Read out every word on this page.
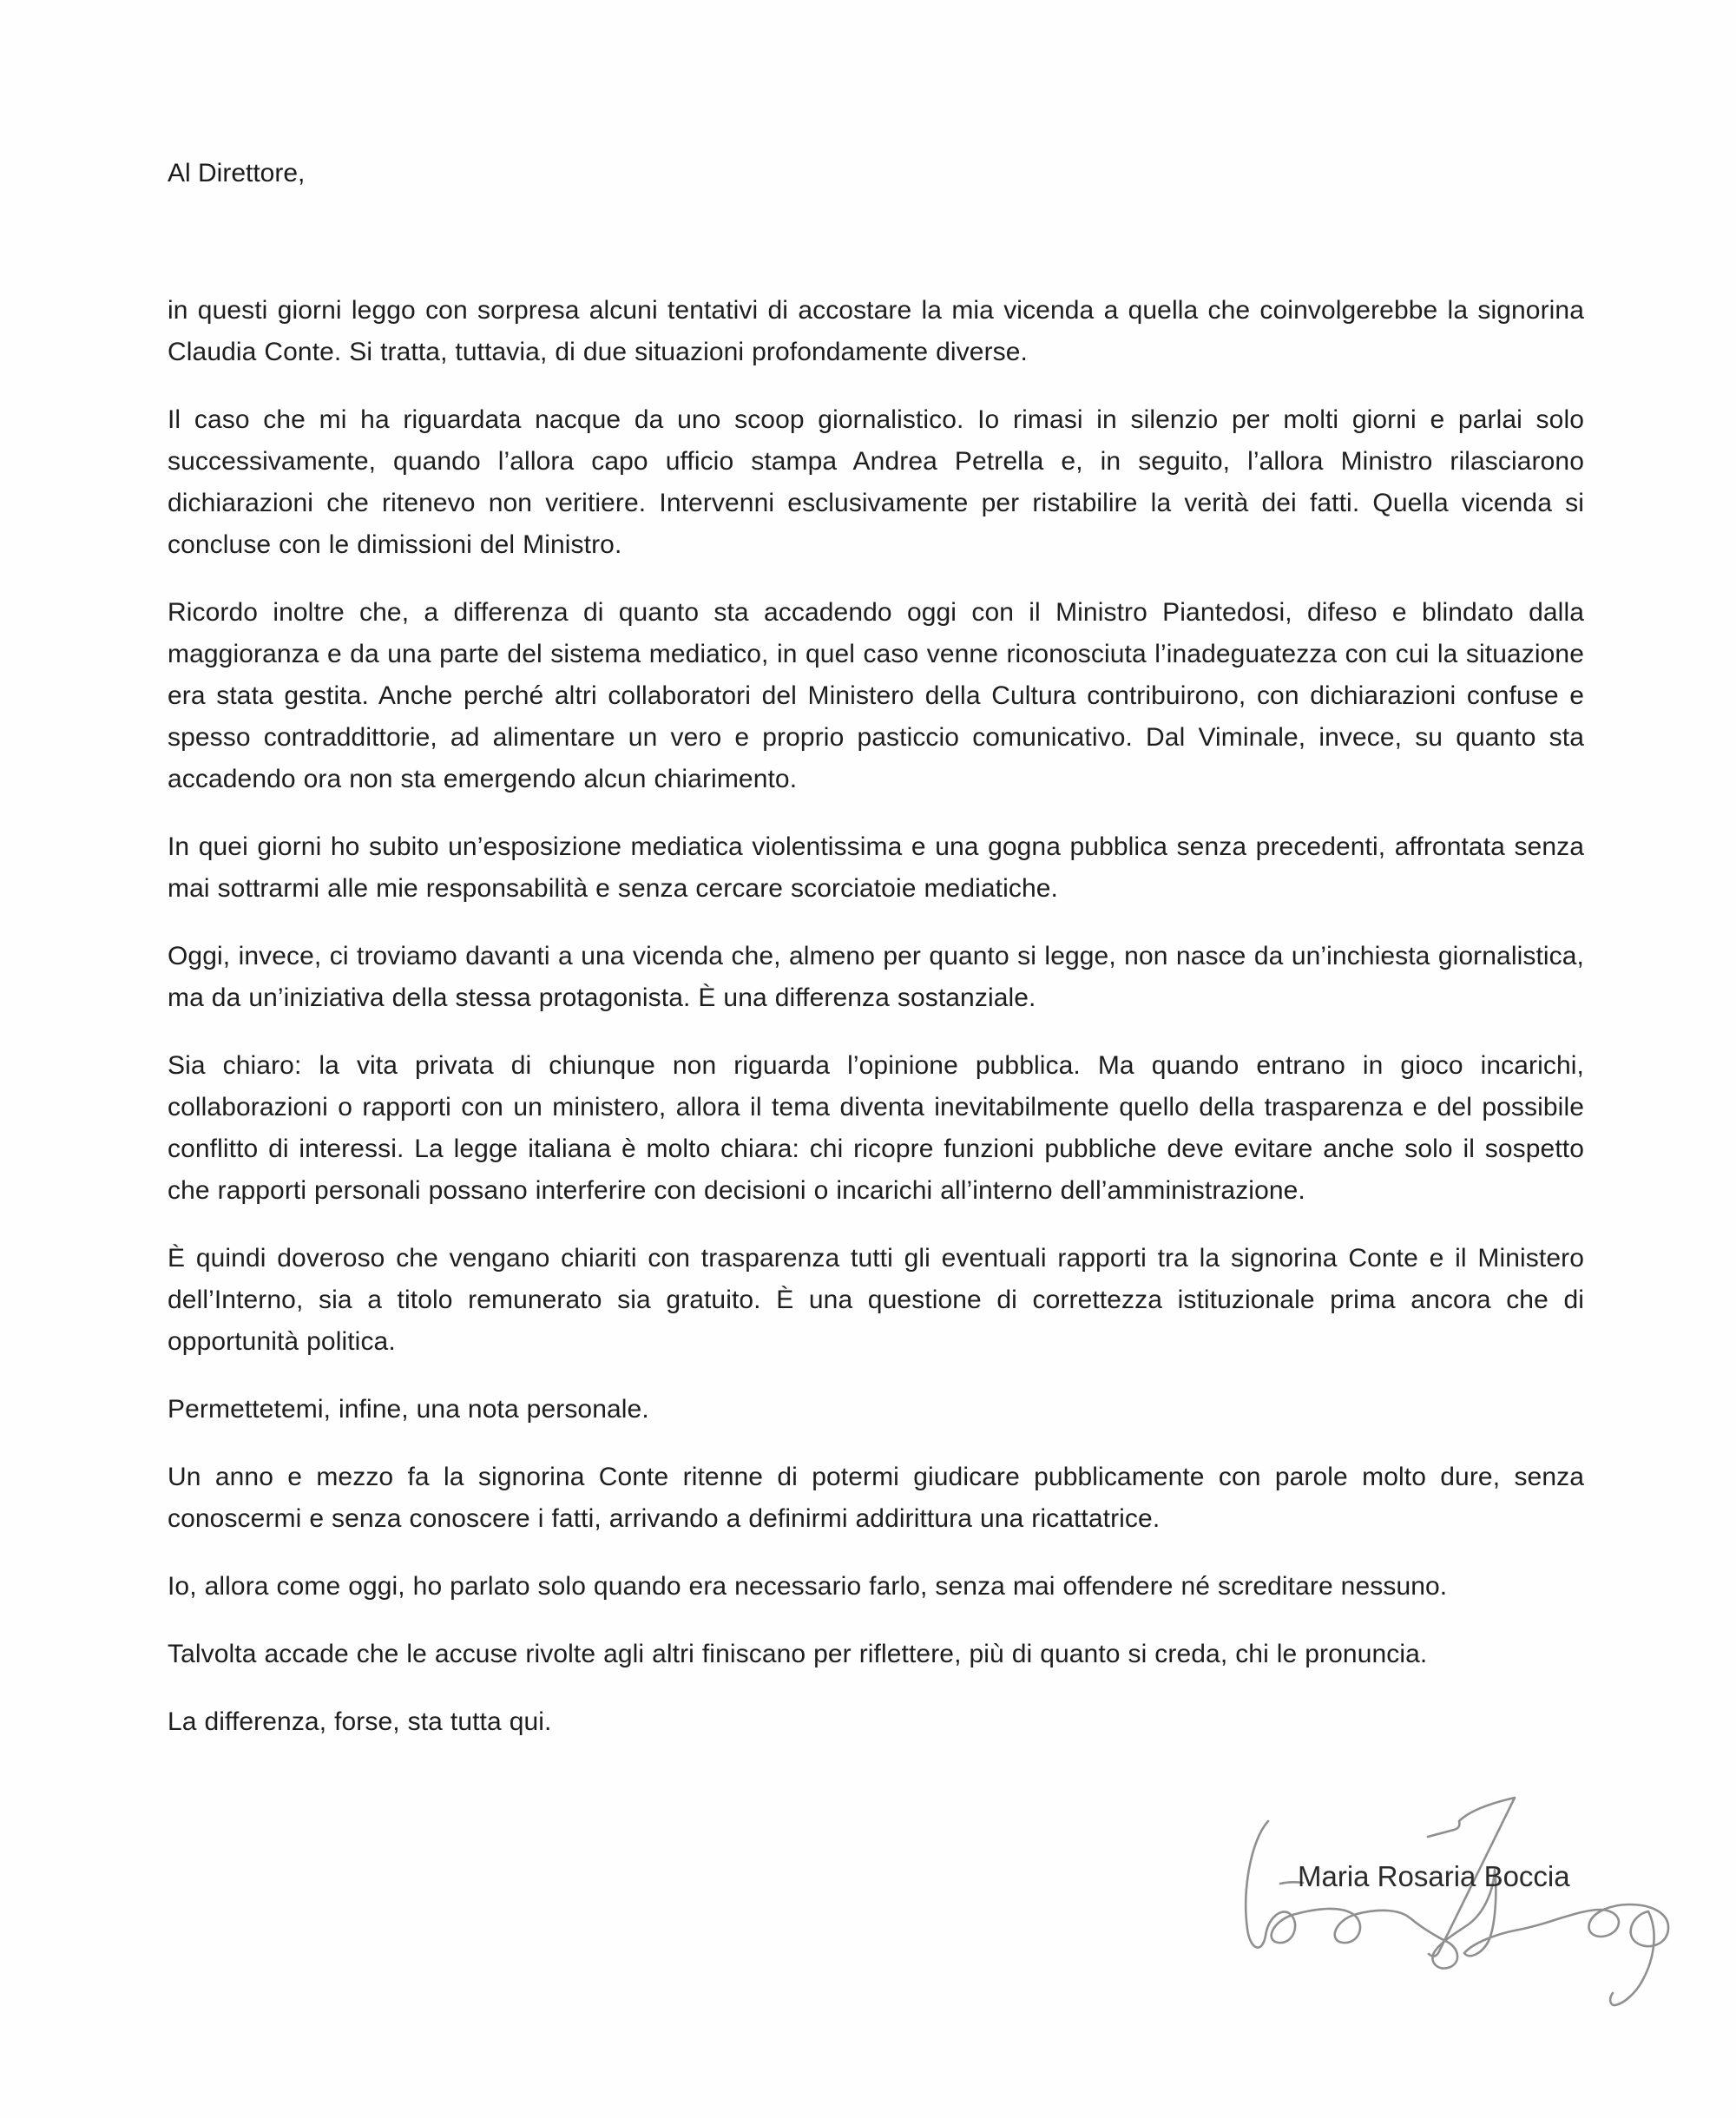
Al Direttore,

in questi giorni leggo con sorpresa alcuni tentativi di accostare la mia vicenda a quella che coinvolgerebbe la signorina Claudia Conte. Si tratta, tuttavia, di due situazioni profondamente diverse.

Il caso che mi ha riguardata nacque da uno scoop giornalistico. Io rimasi in silenzio per molti giorni e parlai solo successivamente, quando l’allora capo ufficio stampa Andrea Petrella e, in seguito, l’allora Ministro rilasciarono dichiarazioni che ritenevo non veritiere. Intervenni esclusivamente per ristabilire la verità dei fatti. Quella vicenda si concluse con le dimissioni del Ministro.

Ricordo inoltre che, a differenza di quanto sta accadendo oggi con il Ministro Piantedosi, difeso e blindato dalla maggioranza e da una parte del sistema mediatico, in quel caso venne riconosciuta l’inadeguatezza con cui la situazione era stata gestita. Anche perché altri collaboratori del Ministero della Cultura contribuirono, con dichiarazioni confuse e spesso contraddittorie, ad alimentare un vero e proprio pasticcio comunicativo. Dal Viminale, invece, su quanto sta accadendo ora non sta emergendo alcun chiarimento.

In quei giorni ho subito un’esposizione mediatica violentissima e una gogna pubblica senza precedenti, affrontata senza mai sottrarmi alle mie responsabilità e senza cercare scorciatoie mediatiche.

Oggi, invece, ci troviamo davanti a una vicenda che, almeno per quanto si legge, non nasce da un’inchiesta giornalistica, ma da un’iniziativa della stessa protagonista. È una differenza sostanziale.

Sia chiaro: la vita privata di chiunque non riguarda l’opinione pubblica. Ma quando entrano in gioco incarichi, collaborazioni o rapporti con un ministero, allora il tema diventa inevitabilmente quello della trasparenza e del possibile conflitto di interessi. La legge italiana è molto chiara: chi ricopre funzioni pubbliche deve evitare anche solo il sospetto che rapporti personali possano interferire con decisioni o incarichi all’interno dell’amministrazione.

È quindi doveroso che vengano chiariti con trasparenza tutti gli eventuali rapporti tra la signorina Conte e il Ministero dell’Interno, sia a titolo remunerato sia gratuito. È una questione di correttezza istituzionale prima ancora che di opportunità politica.

Permettetemi, infine, una nota personale.

Un anno e mezzo fa la signorina Conte ritenne di potermi giudicare pubblicamente con parole molto dure, senza conoscermi e senza conoscere i fatti, arrivando a definirmi addirittura una ricattatrice.

Io, allora come oggi, ho parlato solo quando era necessario farlo, senza mai offendere né screditare nessuno.

Talvolta accade che le accuse rivolte agli altri finiscano per riflettere, più di quanto si creda, chi le pronuncia.

La differenza, forse, sta tutta qui.

Maria Rosaria Boccia
